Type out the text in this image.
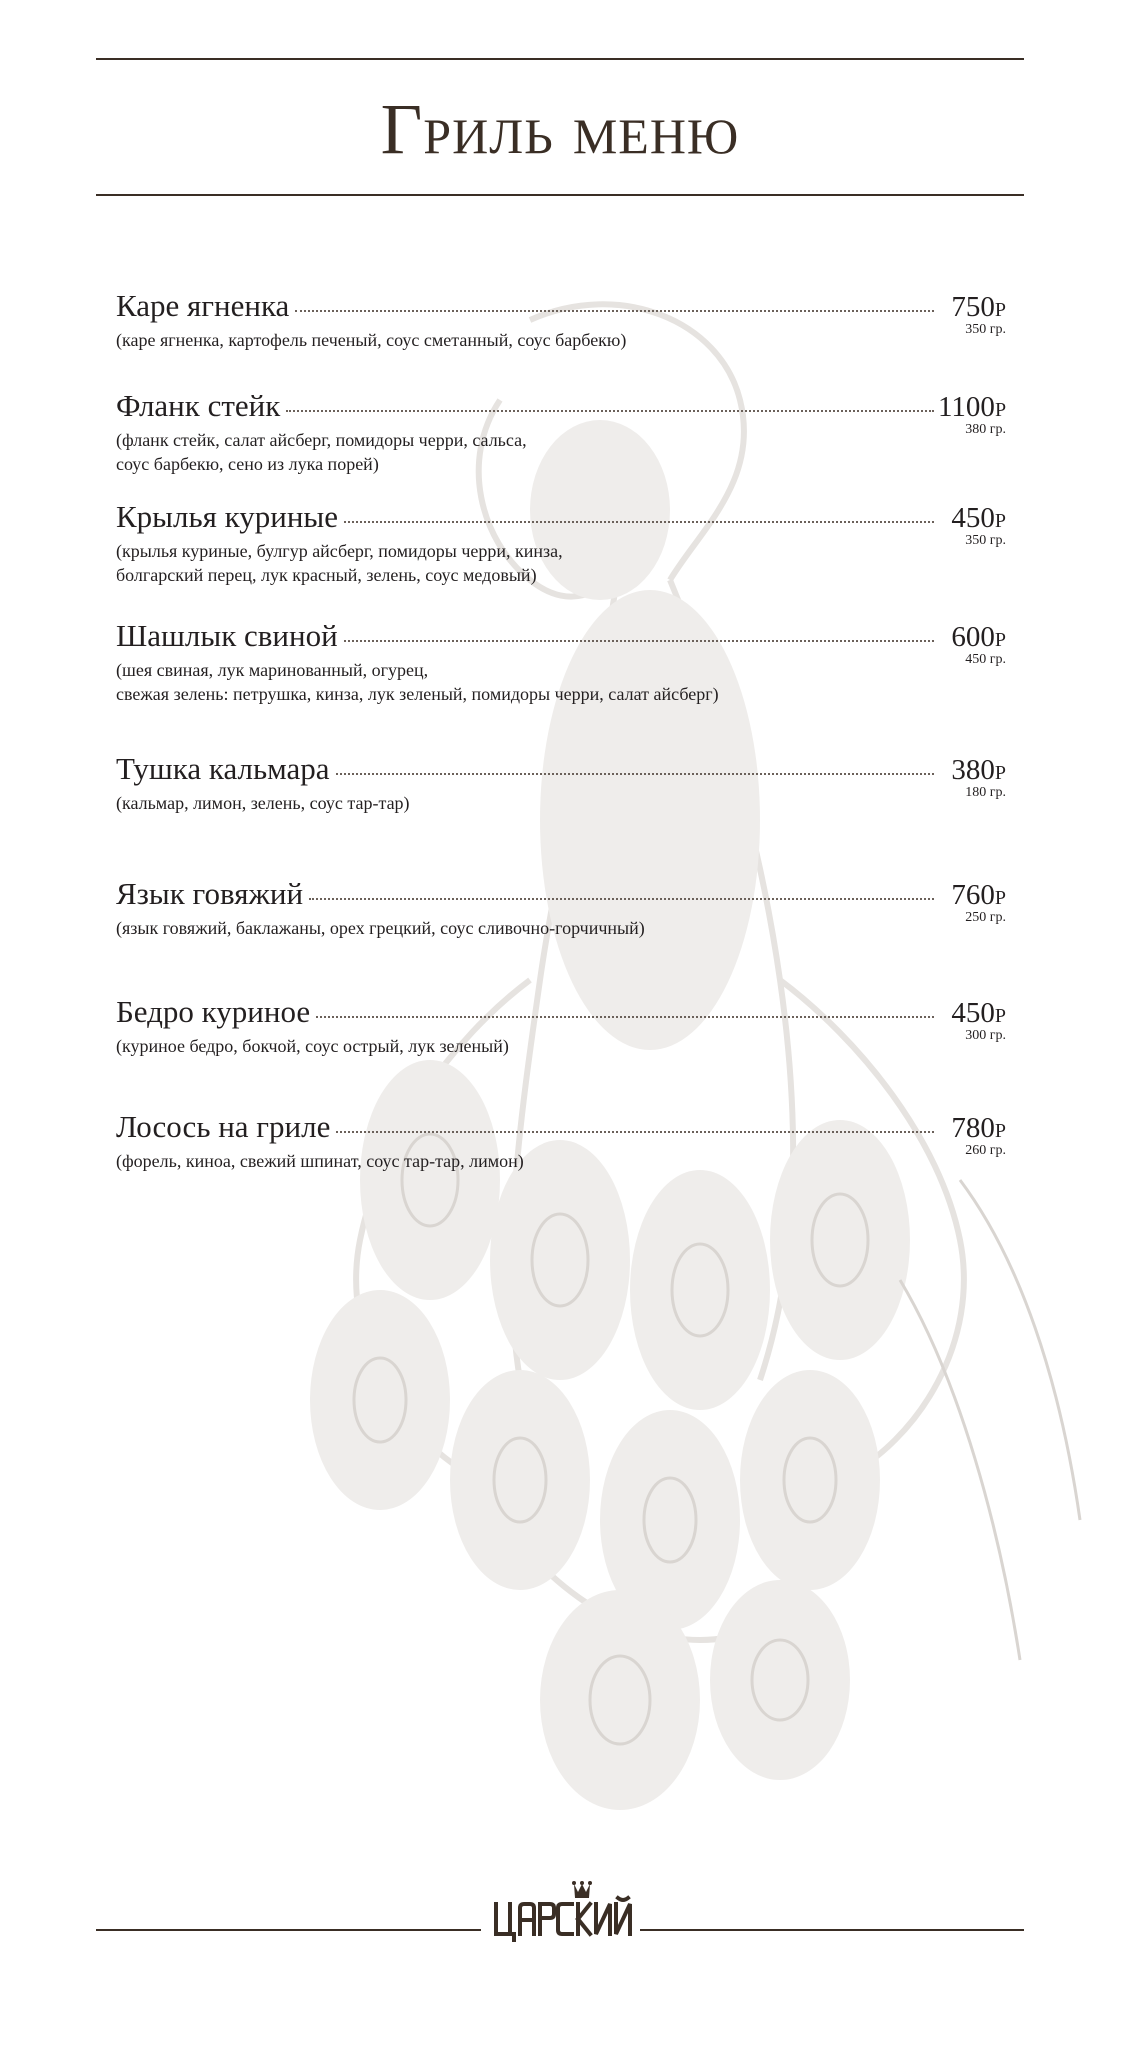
Гриль меню
Каре ягненка	750Р
350 гр.
(каре ягненка, картофель печеный, соус сметанный, соус барбекю)
Фланк стейк	1100Р
380 гр.
(фланк стейк, салат айсберг, помидоры черри, сальса,
соус барбекю, сено из лука порей)
Крылья куриные	450Р
350 гр.
(крылья куриные, булгур айсберг, помидоры черри, кинза,
болгарский перец, лук красный, зелень, соус медовый)
Шашлык свиной	600Р
450 гр.
(шея свиная, лук маринованный, огурец,
свежая зелень: петрушка, кинза, лук зеленый, помидоры черри, салат айсберг)
Тушка кальмара	380Р
180 гр.
(кальмар, лимон, зелень, соус тар-тар)
Язык говяжий	760Р
250 гр.
(язык говяжий, баклажаны, орех грецкий, соус сливочно-горчичный)
Бедро куриное	450Р
300 гр.
(куриное бедро, бокчой, соус острый, лук зеленый)
Лосось на гриле	780Р
260 гр.
(форель, киноа, свежий шпинат, соус тар-тар, лимон)
